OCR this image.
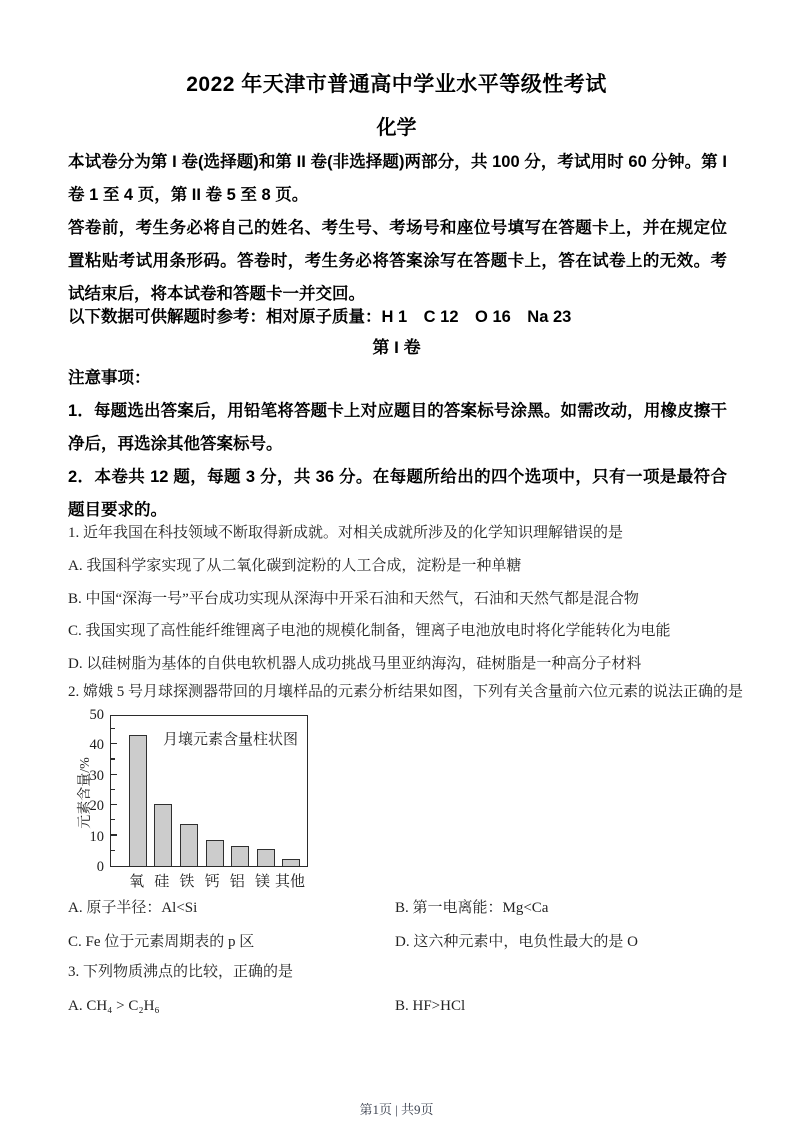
2022 年天津市普通高中学业水平等级性考试
化学
本试卷分为第 I 卷(选择题)和第 II 卷(非选择题)两部分，共 100 分，考试用时 60 分钟。第 I 卷 1 至 4 页，第 II 卷 5 至 8 页。
答卷前，考生务必将自己的姓名、考生号、考场号和座位号填写在答题卡上，并在规定位置粘贴考试用条形码。答卷时，考生务必将答案涂写在答题卡上，答在试卷上的无效。考试结束后，将本试卷和答题卡一并交回。
以下数据可供解题时参考：相对原子质量：H 1　C 12　O 16　Na 23
第 I 卷
注意事项：
1．每题选出答案后，用铅笔将答题卡上对应题目的答案标号涂黑。如需改动，用橡皮擦干净后，再选涂其他答案标号。
2．本卷共 12 题，每题 3 分，共 36 分。在每题所给出的四个选项中，只有一项是最符合题目要求的。
1. 近年我国在科技领域不断取得新成就。对相关成就所涉及的化学知识理解错误的是
A. 我国科学家实现了从二氧化碳到淀粉的人工合成，淀粉是一种单糖
B. 中国“深海一号”平台成功实现从深海中开采石油和天然气，石油和天然气都是混合物
C. 我国实现了高性能纤维锂离子电池的规模化制备，锂离子电池放电时将化学能转化为电能
D. 以硅树脂为基体的自供电软机器人成功挑战马里亚纳海沟，硅树脂是一种高分子材料
2. 嫦娥 5 号月球探测器带回的月壤样品的元素分析结果如图，下列有关含量前六位元素的说法正确的是
元素含量/%
0
10
20
30
40
50
月壤元素含量柱状图
氧 硅 铁 钙 铝 镁 其他
A. 原子半径：Al<Si	B. 第一电离能：Mg<Ca
C. Fe 位于元素周期表的 p 区	D. 这六种元素中，电负性最大的是 O
3. 下列物质沸点的比较，正确的是
A. CH₄ > C₂H₆	B. HF>HCl
第1页 | 共9页
